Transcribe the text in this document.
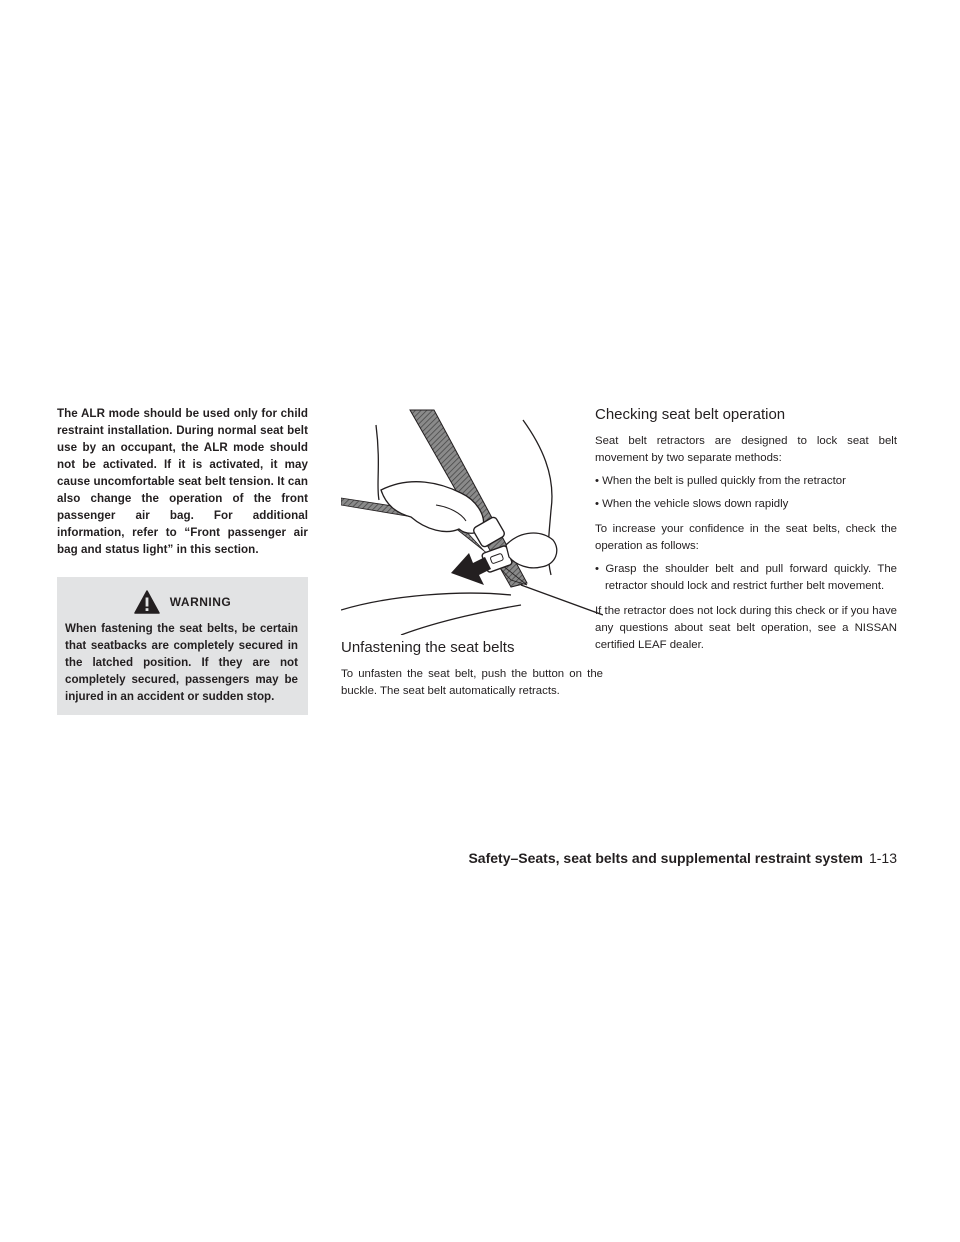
The ALR mode should be used only for child restraint installation. During normal seat belt use by an occupant, the ALR mode should not be activated. If it is activated, it may cause uncomfortable seat belt tension. It can also change the operation of the front passenger air bag. For additional information, refer to “Front passenger air bag and status light” in this section.

WARNING

When fastening the seat belts, be certain that seatbacks are completely secured in the latched position. If they are not completely secured, passengers may be injured in an accident or sudden stop.

Unfastening the seat belts

To unfasten the seat belt, push the button on the buckle. The seat belt automatically retracts.

Checking seat belt operation

Seat belt retractors are designed to lock seat belt movement by two separate methods:

• When the belt is pulled quickly from the retractor

• When the vehicle slows down rapidly

To increase your confidence in the seat belts, check the operation as follows:

• Grasp the shoulder belt and pull forward quickly. The retractor should lock and restrict further belt movement.

If the retractor does not lock during this check or if you have any questions about seat belt operation, see a NISSAN certified LEAF dealer.

Safety–Seats, seat belts and supplemental restraint system 1-13
